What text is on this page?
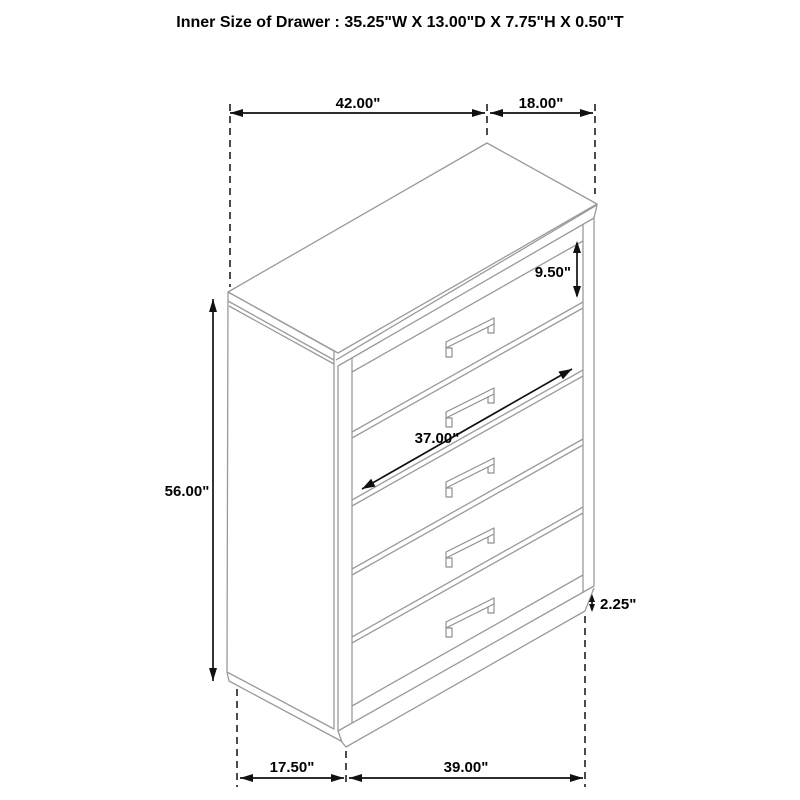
Inner Size of Drawer : 35.25"W X 13.00"D X 7.75"H X 0.50"T
42.00"	18.00"
56.00"
9.50"
37.00"
2.25"
17.50"	39.00"
